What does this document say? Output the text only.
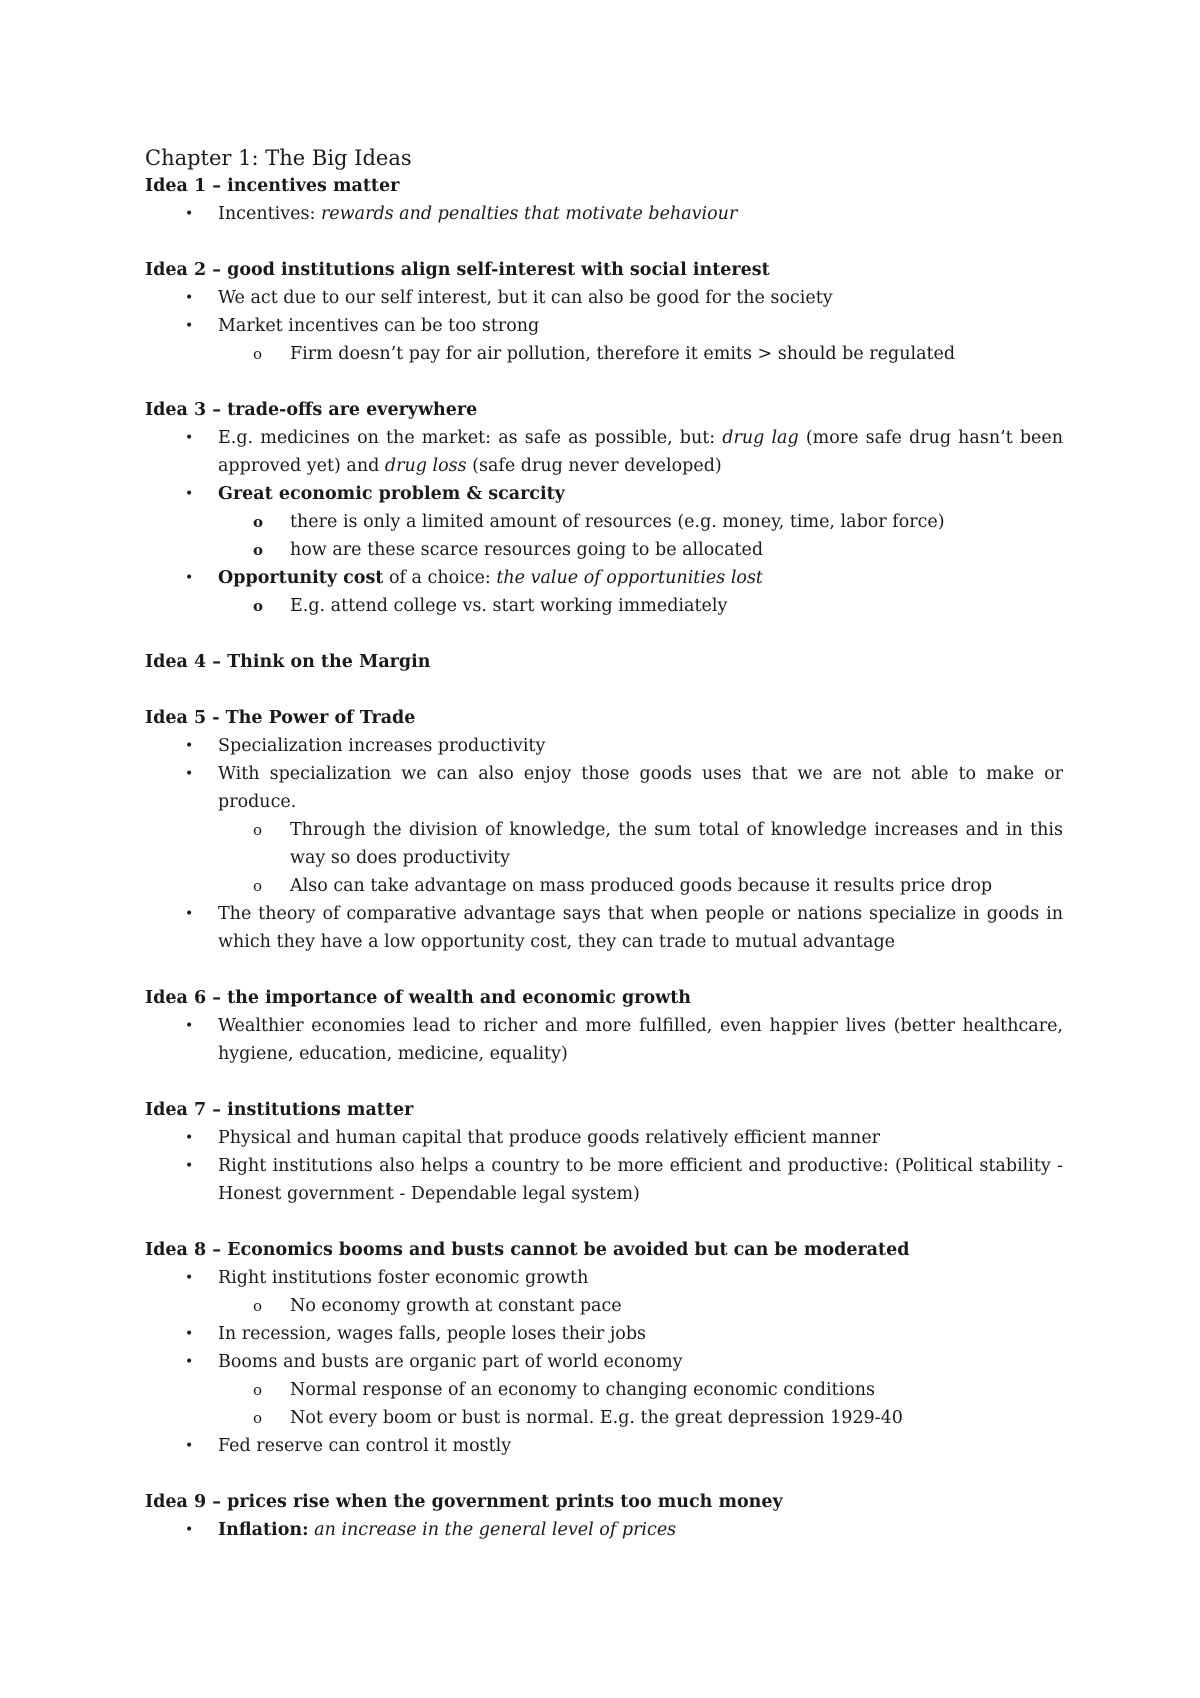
Chapter 1: The Big Ideas

Idea 1 – incentives matter

• Incentives: rewards and penalties that motivate behaviour

Idea 2 – good institutions align self-interest with social interest

• We act due to our self interest, but it can also be good for the society
• Market incentives can be too strong
o Firm doesn’t pay for air pollution, therefore it emits > should be regulated

Idea 3 – trade-offs are everywhere

• E.g. medicines on the market: as safe as possible, but: drug lag (more safe drug hasn’t been approved yet) and drug loss (safe drug never developed)
• Great economic problem & scarcity
o there is only a limited amount of resources (e.g. money, time, labor force)
o how are these scarce resources going to be allocated
• Opportunity cost of a choice: the value of opportunities lost
o E.g. attend college vs. start working immediately

Idea 4 – Think on the Margin

Idea 5 - The Power of Trade

• Specialization increases productivity
• With specialization we can also enjoy those goods uses that we are not able to make or produce.
o Through the division of knowledge, the sum total of knowledge increases and in this way so does productivity
o Also can take advantage on mass produced goods because it results price drop
• The theory of comparative advantage says that when people or nations specialize in goods in which they have a low opportunity cost, they can trade to mutual advantage

Idea 6 – the importance of wealth and economic growth

• Wealthier economies lead to richer and more fulfilled, even happier lives (better healthcare, hygiene, education, medicine, equality)

Idea 7 – institutions matter

• Physical and human capital that produce goods relatively efficient manner
• Right institutions also helps a country to be more efficient and productive: (Political stability - Honest government - Dependable legal system)

Idea 8 – Economics booms and busts cannot be avoided but can be moderated

• Right institutions foster economic growth
o No economy growth at constant pace
• In recession, wages falls, people loses their jobs
• Booms and busts are organic part of world economy
o Normal response of an economy to changing economic conditions
o Not every boom or bust is normal. E.g. the great depression 1929-40
• Fed reserve can control it mostly

Idea 9 – prices rise when the government prints too much money

• Inflation: an increase in the general level of prices
